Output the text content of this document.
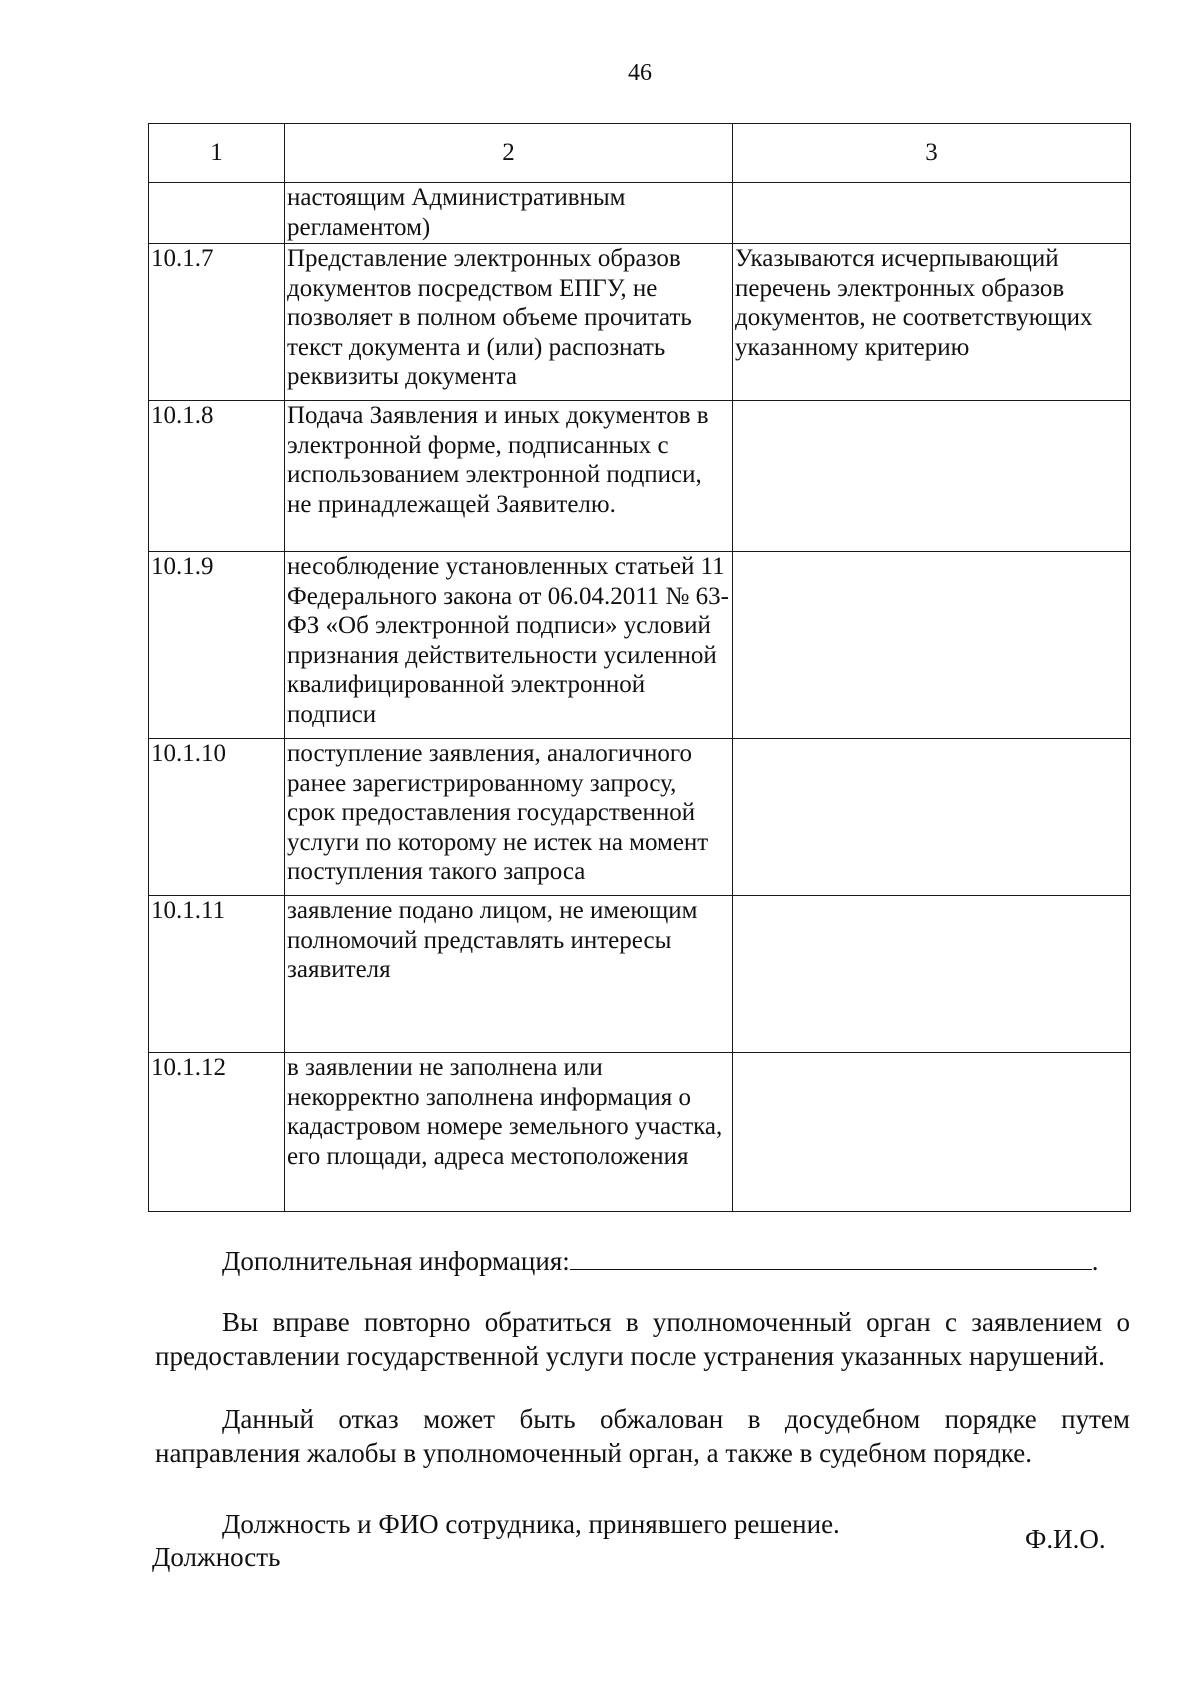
46
1	2	3
	настоящим Административным регламентом)	
10.1.7	Представление электронных образов документов посредством ЕПГУ, не позволяет в полном объеме прочитать текст документа и (или) распознать реквизиты документа	Указываются исчерпывающий перечень электронных образов документов, не соответствующих указанному критерию
10.1.8	Подача Заявления и иных документов в электронной форме, подписанных с использованием электронной подписи, не принадлежащей Заявителю.	
10.1.9	несоблюдение установленных статьей 11 Федерального закона от 06.04.2011 № 63-ФЗ «Об электронной подписи» условий признания действительности усиленной квалифицированной электронной подписи	
10.1.10	поступление заявления, аналогичного ранее зарегистрированному запросу, срок предоставления государственной услуги по которому не истек на момент поступления такого запроса	
10.1.11	заявление подано лицом, не имеющим полномочий представлять интересы заявителя	
10.1.12	в заявлении не заполнена или некорректно заполнена информация о кадастровом номере земельного участка, его площади, адреса местоположения	
Дополнительная информация:	.
Вы вправе повторно обратиться в уполномоченный орган с заявлением о предоставлении государственной услуги после устранения указанных нарушений.
Данный отказ может быть обжалован в досудебном порядке путем направления жалобы в уполномоченный орган, а также в судебном порядке.
Должность и ФИО сотрудника, принявшего решение.
Должность
Ф.И.О.
